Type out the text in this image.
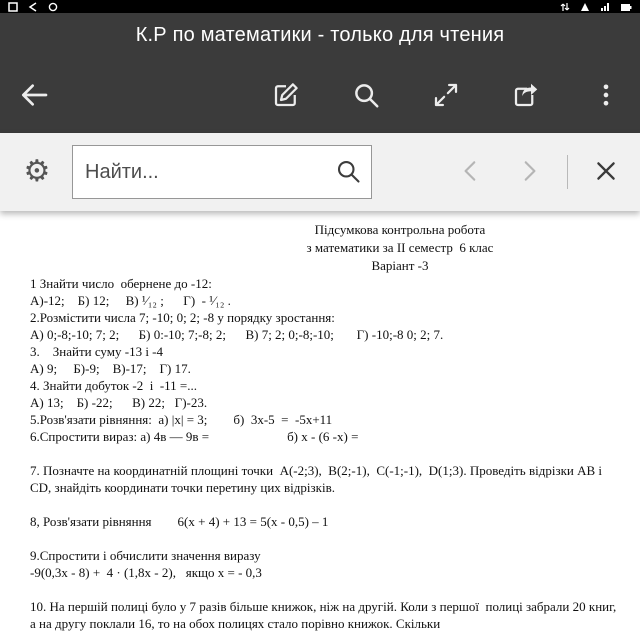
К.Р по математики - только для чтения
⚙
Найти...
Підсумкова контрольна робота
з математики за II семестр  6 клас
Варіант -3
1 Знайти число  обернене до -12:
А)-12;    Б) 12;     В) ¹⁄₁₂ ;      Г)  - ¹⁄₁₂ .
2.Розмістити числа 7; -10; 0; 2; -8 у порядку зростання:
А) 0;-8;-10; 7; 2;      Б) 0:-10; 7;-8; 2;      В) 7; 2; 0;-8;-10;       Г) -10;-8 0; 2; 7.
3.    Знайти суму -13 і -4
А) 9;     Б)-9;    В)-17;    Г) 17.
4. Знайти добуток -2  і  -11 =...
А) 13;    Б) -22;      В) 22;   Г)-23.
5.Розв'язати рівняння:  а) |х| = 3;        б)  3х-5  =  -5х+11
6.Спростити вираз: а) 4в — 9в =                        б) х - (6 -х) =
7. Позначте на координатній площині точки  А(-2;3),  В(2;-1),  С(-1;-1),  D(1;3). Проведіть відрізки AB і CD, знайдіть координати точки перетину цих відрізків.
8, Розв'язати рівняння        6(х + 4) + 13 = 5(х - 0,5) – 1
9.Спростити і обчислити значення виразу
-9(0,3х - 8) +  4 · (1,8х - 2),   якщо х = - 0,3
10. На першій полиці було у 7 разів більше книжок, ніж на другій. Коли з першої  полиці забрали 20 книг, а на другу поклали 16, то на обох полицях стало порівно книжок. Скільки
